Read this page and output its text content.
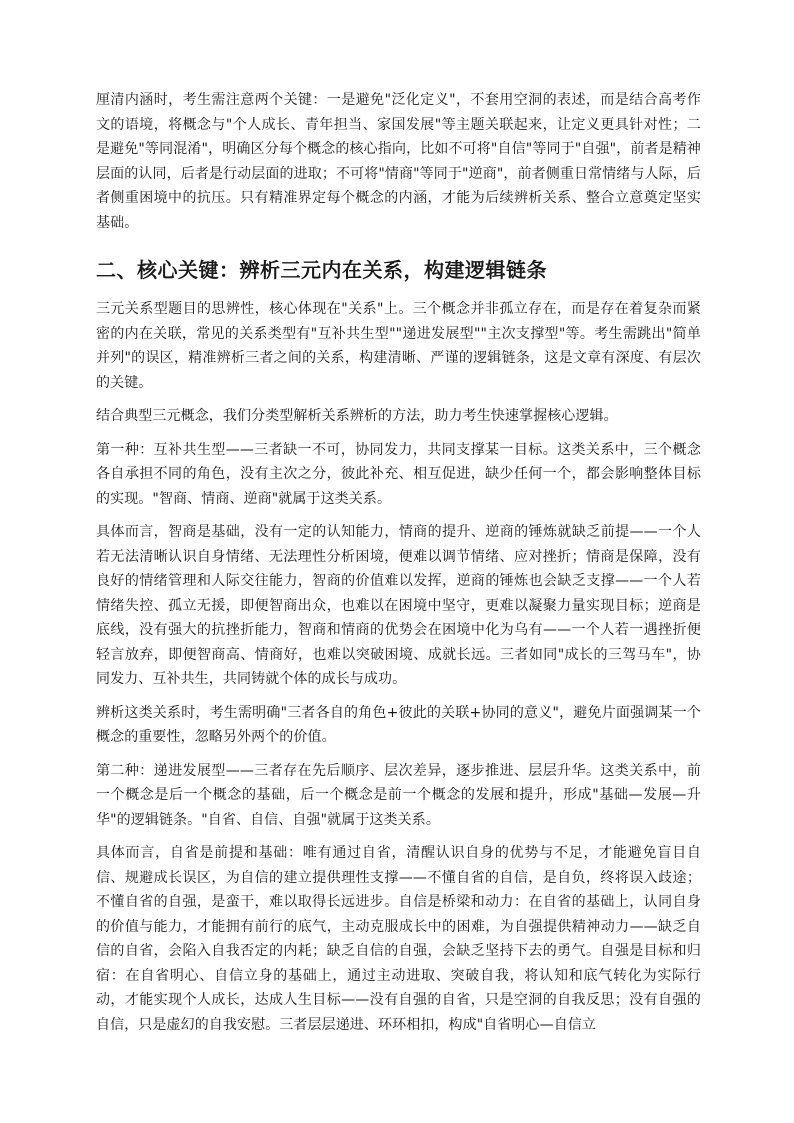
厘清内涵时，考生需注意两个关键：一是避免"泛化定义"，不套用空洞的表述，而是结合高考作文的语境，将概念与"个人成长、青年担当、家国发展"等主题关联起来，让定义更具针对性；二是避免"等同混淆"，明确区分每个概念的核心指向，比如不可将"自信"等同于"自强"，前者是精神层面的认同，后者是行动层面的进取；不可将"情商"等同于"逆商"，前者侧重日常情绪与人际，后者侧重困境中的抗压。只有精准界定每个概念的内涵，才能为后续辨析关系、整合立意奠定坚实基础。

二、核心关键：辨析三元内在关系，构建逻辑链条

三元关系型题目的思辨性，核心体现在"关系"上。三个概念并非孤立存在，而是存在着复杂而紧密的内在关联，常见的关系类型有"互补共生型""递进发展型""主次支撑型"等。考生需跳出"简单并列"的误区，精准辨析三者之间的关系，构建清晰、严谨的逻辑链条，这是文章有深度、有层次的关键。

结合典型三元概念，我们分类型解析关系辨析的方法，助力考生快速掌握核心逻辑。

第一种：互补共生型——三者缺一不可，协同发力，共同支撑某一目标。这类关系中，三个概念各自承担不同的角色，没有主次之分，彼此补充、相互促进，缺少任何一个，都会影响整体目标的实现。"智商、情商、逆商"就属于这类关系。

具体而言，智商是基础，没有一定的认知能力，情商的提升、逆商的锤炼就缺乏前提——一个人若无法清晰认识自身情绪、无法理性分析困境，便难以调节情绪、应对挫折；情商是保障，没有良好的情绪管理和人际交往能力，智商的价值难以发挥，逆商的锤炼也会缺乏支撑——一个人若情绪失控、孤立无援，即便智商出众，也难以在困境中坚守，更难以凝聚力量实现目标；逆商是底线，没有强大的抗挫折能力，智商和情商的优势会在困境中化为乌有——一个人若一遇挫折便轻言放弃，即便智商高、情商好，也难以突破困境、成就长远。三者如同"成长的三驾马车"，协同发力、互补共生，共同铸就个体的成长与成功。

辨析这类关系时，考生需明确"三者各自的角色+彼此的关联+协同的意义"，避免片面强调某一个概念的重要性，忽略另外两个的价值。

第二种：递进发展型——三者存在先后顺序、层次差异，逐步推进、层层升华。这类关系中，前一个概念是后一个概念的基础，后一个概念是前一个概念的发展和提升，形成"基础—发展—升华"的逻辑链条。"自省、自信、自强"就属于这类关系。

具体而言，自省是前提和基础：唯有通过自省，清醒认识自身的优势与不足，才能避免盲目自信、规避成长误区，为自信的建立提供理性支撑——不懂自省的自信，是自负，终将误入歧途；不懂自省的自强，是蛮干，难以取得长远进步。自信是桥梁和动力：在自省的基础上，认同自身的价值与能力，才能拥有前行的底气，主动克服成长中的困难，为自强提供精神动力——缺乏自信的自省，会陷入自我否定的内耗；缺乏自信的自强，会缺乏坚持下去的勇气。自强是目标和归宿：在自省明心、自信立身的基础上，通过主动进取、突破自我，将认知和底气转化为实际行动，才能实现个人成长，达成人生目标——没有自强的自省，只是空洞的自我反思；没有自强的自信，只是虚幻的自我安慰。三者层层递进、环环相扣，构成"自省明心—自信立
